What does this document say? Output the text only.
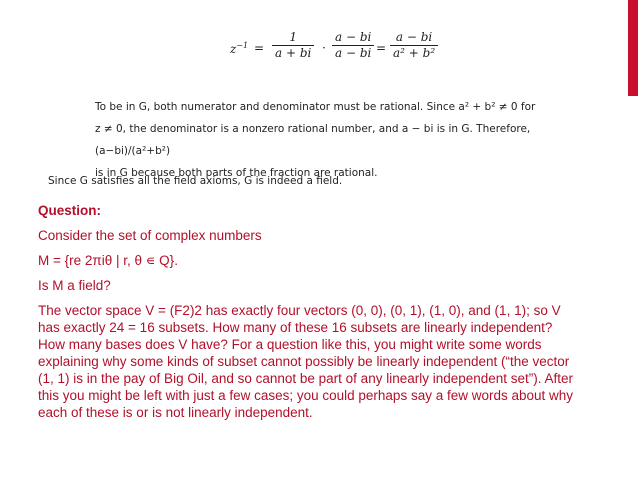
$z^{-1} = \frac{1}{a + bi} \cdot \frac{a - bi}{a - bi} = \frac{a - bi}{\text{a² + b²}}$
To be in G, both numerator and denominator must be rational. Since a² + b² ≠ 0 for
z ≠ 0, the denominator is a nonzero rational number, and a − bi is in G. Therefore, (a−bi)/(a²+b²)
is in G because both parts of the fraction are rational.
Since G satisfies all the field axioms, G is indeed a field.

Question:

Consider the set of complex numbers

M = {re 2πiθ | r, θ ∊ Q}.

Is M a field?

The vector space V = (F2)2 has exactly four vectors (0, 0), (0, 1), (1, 0), and (1, 1); so V has exactly 24 = 16 subsets. How many of these 16 subsets are linearly independent? How many bases does V have? For a question like this, you might write some words explaining why some kinds of subset cannot possibly be linearly independent (“the vector (1, 1) is in the pay of Big Oil, and so cannot be part of any linearly independent set”). After this you might be left with just a few cases; you could perhaps say a few words about why each of these is or is not linearly independent.
